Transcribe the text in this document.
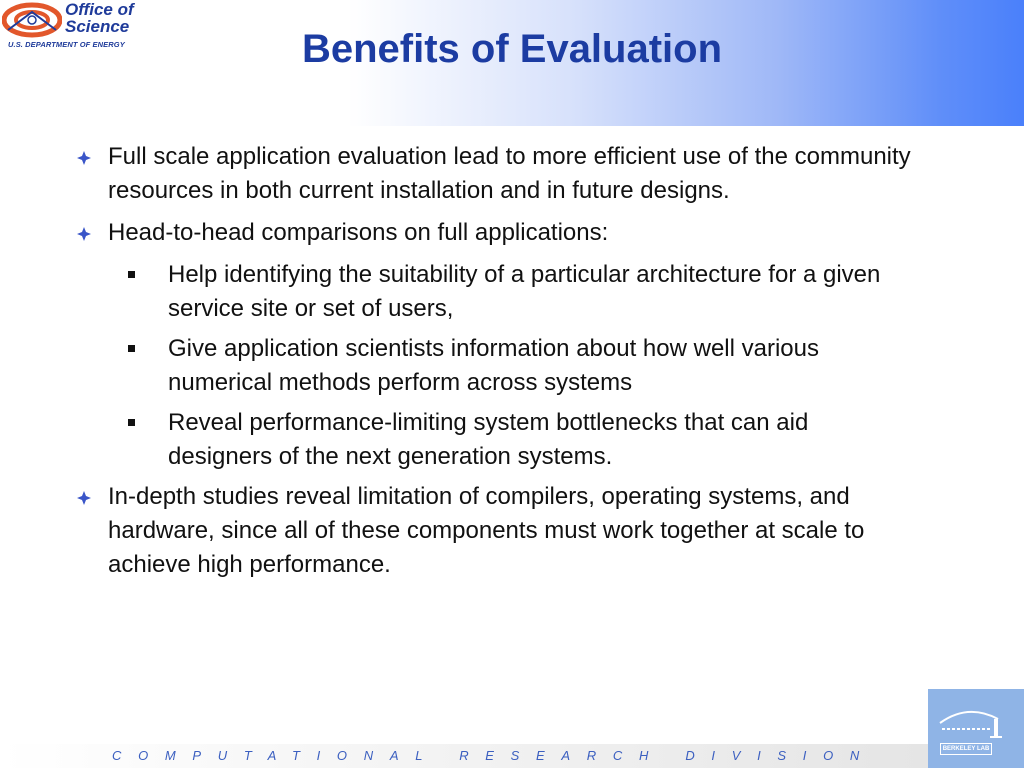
Office of
Science
U.S. DEPARTMENT OF ENERGY	Benefits of Evaluation
Full scale application evaluation lead to more efficient use of the community resources in both current installation and in future designs.
Head-to-head comparisons on full applications:
Help identifying the suitability of a particular architecture for a given service site or set of users,
Give application scientists information about how well various numerical methods perform across systems
Reveal performance-limiting system bottlenecks that can aid designers of the next generation systems.
In-depth studies reveal limitation of compilers, operating systems, and hardware, since all of these components must work together at scale to achieve high performance.

COMPUTATIONAL RESEARCH DIVISION	BERKELEY LAB
